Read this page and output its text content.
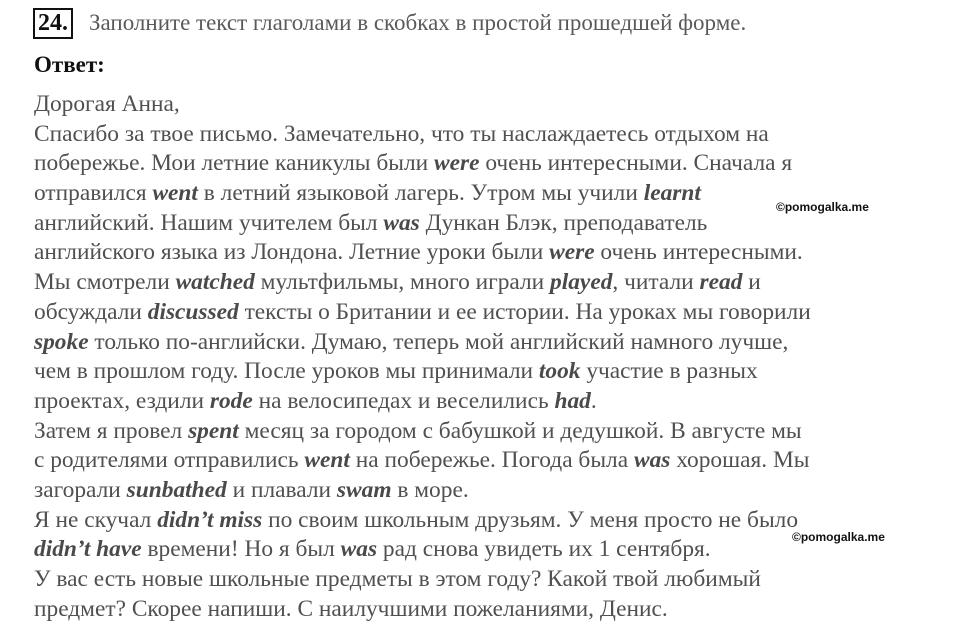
24. Заполните текст глаголами в скобках в простой прошедшей форме.
Ответ:
Дорогая Анна,
Спасибо за твое письмо. Замечательно, что ты наслаждаетесь отдыхом на
побережье. Мои летние каникулы были were очень интересными. Сначала я
отправился went в летний языковой лагерь. Утром мы учили learnt
английский. Нашим учителем был was Дункан Блэк, преподаватель
английского языка из Лондона. Летние уроки были were очень интересными.
Мы смотрели watched мультфильмы, много играли played, читали read и
обсуждали discussed тексты о Британии и ее истории. На уроках мы говорили
spoke только по-английски. Думаю, теперь мой английский намного лучше,
чем в прошлом году. После уроков мы принимали took участие в разных
проектах, ездили rode на велосипедах и веселились had.
Затем я провел spent месяц за городом с бабушкой и дедушкой. В августе мы
с родителями отправились went на побережье. Погода была was хорошая. Мы
загорали sunbathed и плавали swam в море.
Я не скучал didn’t miss по своим школьным друзьям. У меня просто не было
didn’t have времени! Но я был was рад снова увидеть их 1 сентября.
У вас есть новые школьные предметы в этом году? Какой твой любимый
предмет? Скорее напиши. С наилучшими пожеланиями, Денис.
©pomogalka.me
©pomogalka.me
